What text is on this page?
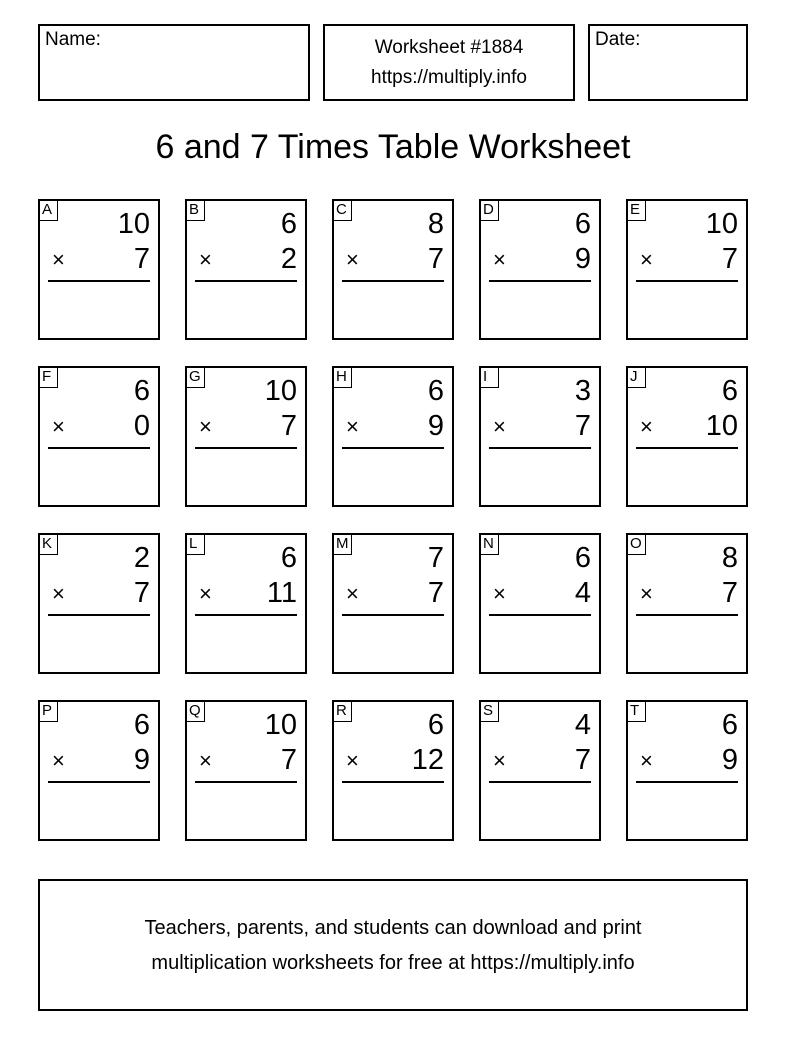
Name:	Worksheet #1884
https://multiply.info
Date:
6 and 7 Times Table Worksheet
A 10
× 7
B	6
× 2
C	8
× 7
D	6
× 9
E 10
× 7
F	6
× 0
G 10
× 7
H	6
× 9
I	3
× 7
J	6
× 10
K	2
× 7
L	6
× 11
M	7
× 7
N	6
× 4
O	8
× 7
P	6
× 9
Q 10
× 7
R	6
× 12
S	4
× 7
T	6
× 9
Teachers, parents, and students can download and print
multiplication worksheets for free at https://multiply.info
